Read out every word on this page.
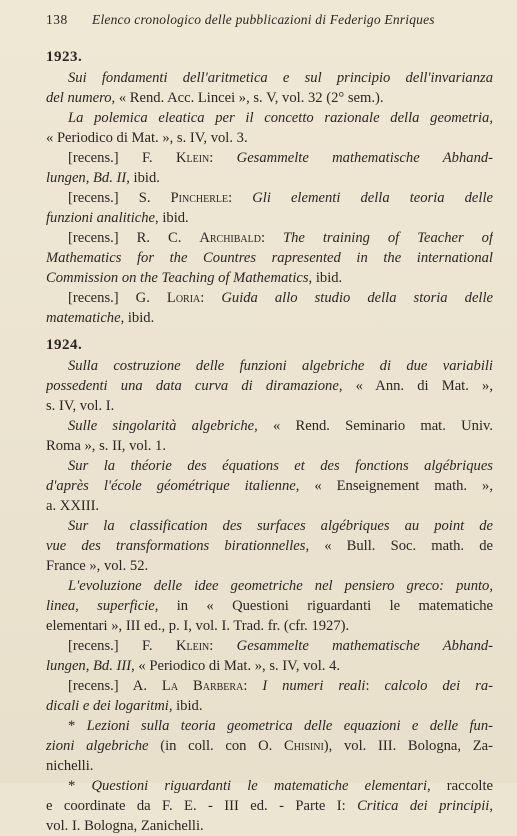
138	Elenco cronologico delle pubblicazioni di Federigo Enriques
1923.
Sui fondamenti dell'aritmetica e sul principio dell'invarianza
del numero, « Rend. Acc. Lincei », s. V, vol. 32 (2° sem.).
La polemica eleatica per il concetto razionale della geometria,
« Periodico di Mat. », s. IV, vol. 3.
[recens.] F. Klein: Gesammelte mathematische Abhand-
lungen, Bd. II, ibid.
[recens.] S. Pincherle: Gli elementi della teoria delle
funzioni analitiche, ibid.
[recens.] R. C. Archibald: The training of Teacher of
Mathematics for the Countres rapresented in the international
Commission on the Teaching of Mathematics, ibid.
[recens.] G. Loria: Guida allo studio della storia delle
matematiche, ibid.
1924.
Sulla costruzione delle funzioni algebriche di due variabili
possedenti una data curva di diramazione, « Ann. di Mat. »,
s. IV, vol. I.
Sulle singolarità algebriche, « Rend. Seminario mat. Univ.
Roma », s. II, vol. 1.
Sur la théorie des équations et des fonctions algébriques
d'après l'école géométrique italienne, « Enseignement math. »,
a. XXIII.
Sur la classification des surfaces algébriques au point de
vue des transformations birationnelles, « Bull. Soc. math. de
France », vol. 52.
L'evoluzione delle idee geometriche nel pensiero greco: punto,
linea, superficie, in « Questioni riguardanti le matematiche
elementari », III ed., p. I, vol. I. Trad. fr. (cfr. 1927).
[recens.] F. Klein: Gesammelte mathematische Abhand-
lungen, Bd. III, « Periodico di Mat. », s. IV, vol. 4.
[recens.] A. La Barbera: I numeri reali: calcolo dei ra-
dicali e dei logaritmi, ibid.
* Lezioni sulla teoria geometrica delle equazioni e delle fun-
zioni algebriche (in coll. con O. Chisini), vol. III. Bologna, Za-
nichelli.
* Questioni riguardanti le matematiche elementari, raccolte
e coordinate da F. E. - III ed. - Parte I: Critica dei principii,
vol. I. Bologna, Zanichelli.
